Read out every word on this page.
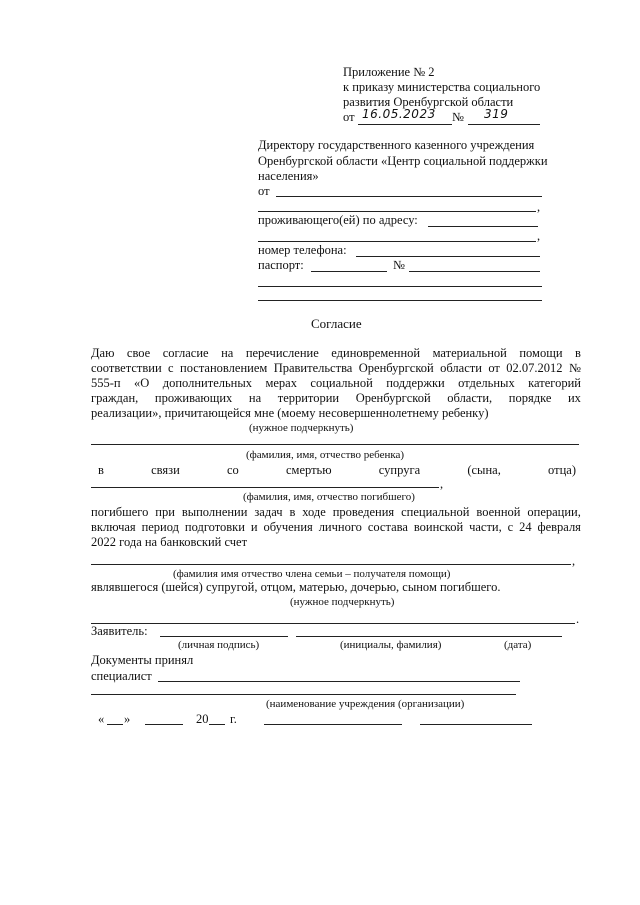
Приложение № 2
к приказу министерства социального
развития Оренбургской области
от 16.05.2023 № 319
Директору государственного казенного учреждения
Оренбургской области «Центр социальной поддержки
населения»
от
,
проживающего(ей) по адресу:
,
номер телефона:
паспорт:	№
Согласие
Даю свое согласие на перечисление единовременной материальной помощи в
соответствии с постановлением Правительства Оренбургской области от 02.07.2012 №
555-п «О дополнительных мерах социальной поддержки отдельных категорий
граждан, проживающих на территории Оренбургской области, порядке их
реализации», причитающейся мне (моему несовершеннолетнему ребенку)
(нужное подчеркнуть)
(фамилия, имя, отчество ребенка)
в	связи	со	смертью	супруга	(сына,	отца)
,
(фамилия, имя, отчество погибшего)
погибшего при выполнении задач в ходе проведения специальной военной операции,
включая период подготовки и обучения личного состава воинской части, с 24 февраля
2022 года на банковский счет
,
(фамилия имя отчество члена семьи – получателя помощи)
являвшегося (шейся) супругой, отцом, матерью, дочерью, сыном погибшего.
(нужное подчеркнуть)
.
Заявитель:
(личная подпись)	(инициалы, фамилия)	(дата)
Документы принял
специалист
(наименование учреждения (организации)
« »	20 г.
